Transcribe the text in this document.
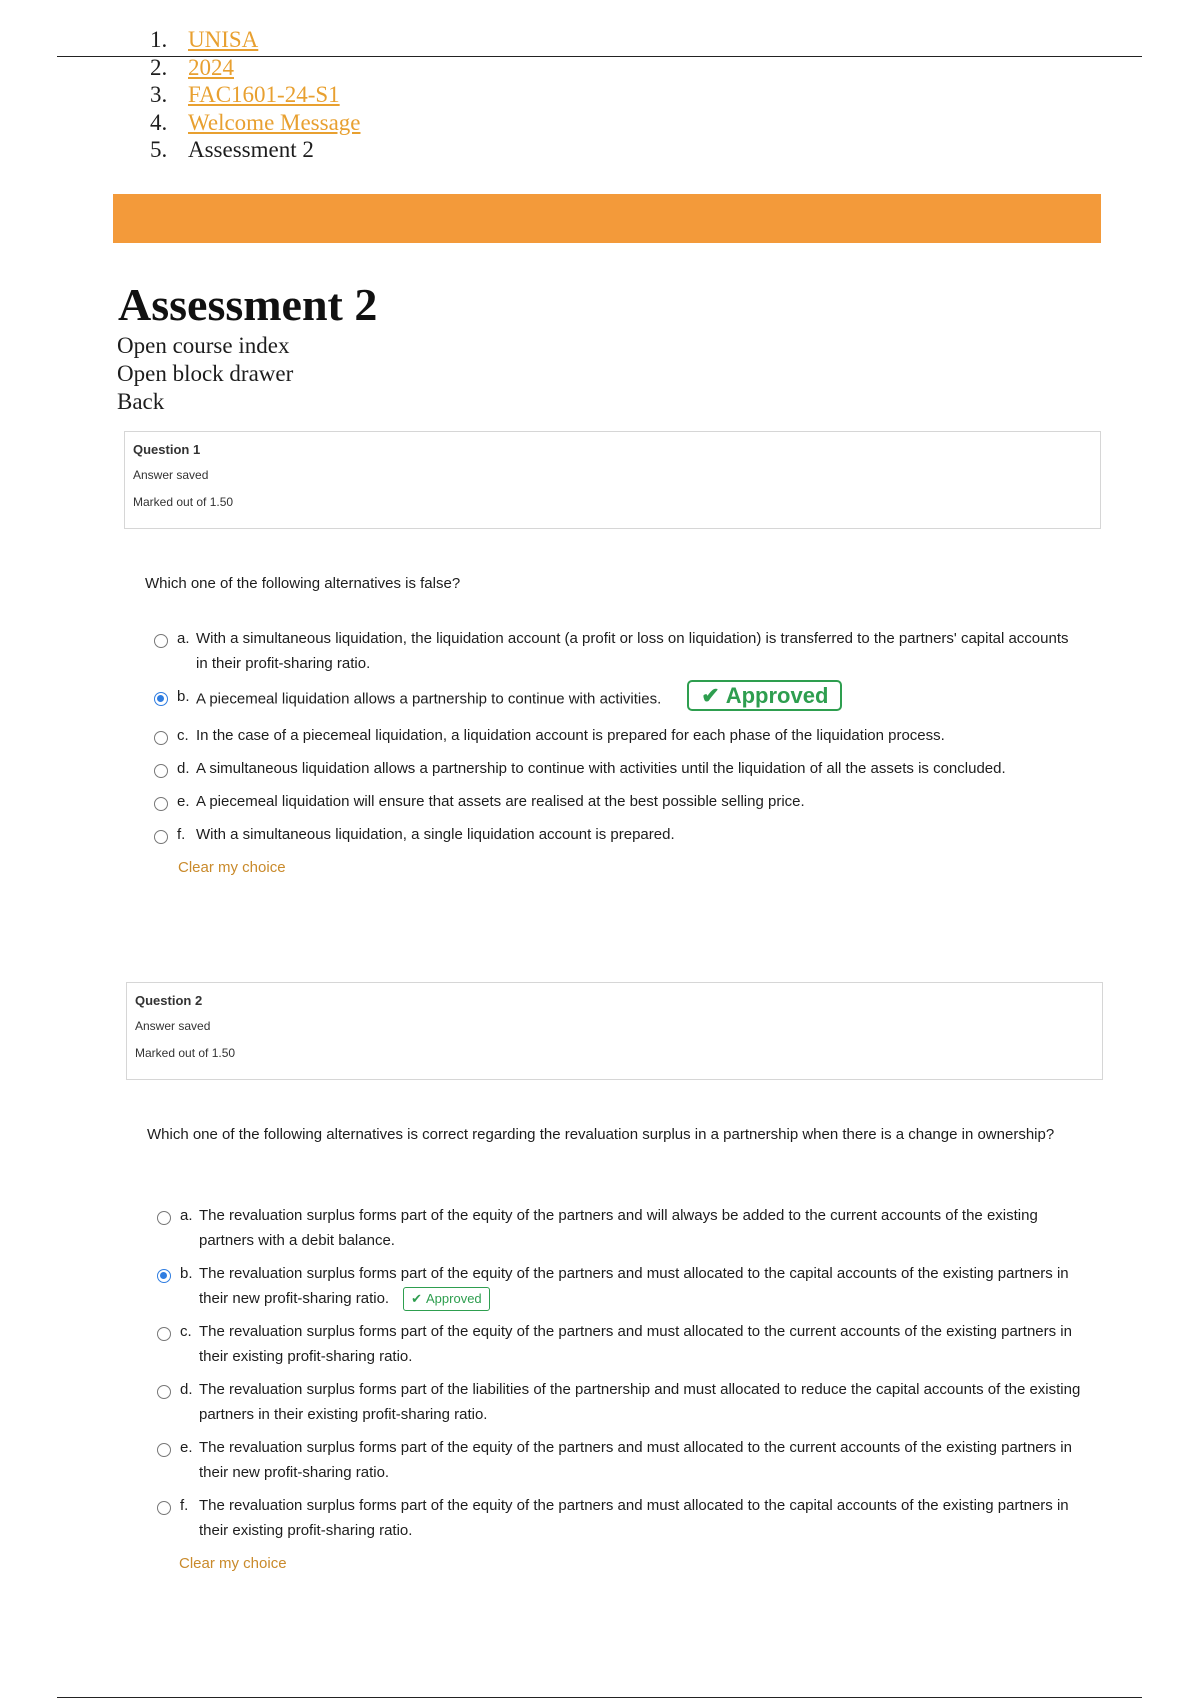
1. UNISA
2. 2024
3. FAC1601-24-S1
4. Welcome Message
5. Assessment 2
Assessment 2
Open course index
Open block drawer
Back
Question 1
Answer saved
Marked out of 1.50
Which one of the following alternatives is false?
a. With a simultaneous liquidation, the liquidation account (a profit or loss on liquidation) is transferred to the partners' capital accounts in their profit-sharing ratio.
b. A piecemeal liquidation allows a partnership to continue with activities. ✔ Approved
c. In the case of a piecemeal liquidation, a liquidation account is prepared for each phase of the liquidation process.
d. A simultaneous liquidation allows a partnership to continue with activities until the liquidation of all the assets is concluded.
e. A piecemeal liquidation will ensure that assets are realised at the best possible selling price.
f. With a simultaneous liquidation, a single liquidation account is prepared.
Clear my choice
Question 2
Answer saved
Marked out of 1.50
Which one of the following alternatives is correct regarding the revaluation surplus in a partnership when there is a change in ownership?
a. The revaluation surplus forms part of the equity of the partners and will always be added to the current accounts of the existing partners with a debit balance.
b. The revaluation surplus forms part of the equity of the partners and must allocated to the capital accounts of the existing partners in their new profit-sharing ratio. ✔ Approved
c. The revaluation surplus forms part of the equity of the partners and must allocated to the current accounts of the existing partners in their existing profit-sharing ratio.
d. The revaluation surplus forms part of the liabilities of the partnership and must allocated to reduce the capital accounts of the existing partners in their existing profit-sharing ratio.
e. The revaluation surplus forms part of the equity of the partners and must allocated to the current accounts of the existing partners in their new profit-sharing ratio.
f. The revaluation surplus forms part of the equity of the partners and must allocated to the capital accounts of the existing partners in their existing profit-sharing ratio.
Clear my choice
